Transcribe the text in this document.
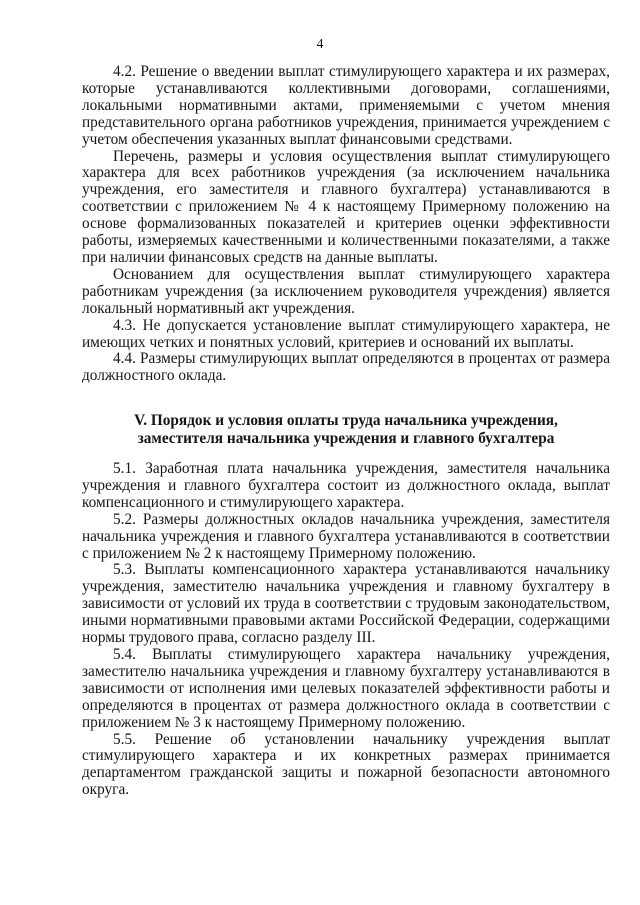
4

4.2. Решение о введении выплат стимулирующего характера и их размерах, которые устанавливаются коллективными договорами, соглашениями, локальными нормативными актами, применяемыми с учетом мнения представительного органа работников учреждения, принимается учреждением с учетом обеспечения указанных выплат финансовыми средствами.

Перечень, размеры и условия осуществления выплат стимулирующего характера для всех работников учреждения (за исключением начальника учреждения, его заместителя и главного бухгалтера) устанавливаются в соответствии с приложением № 4 к настоящему Примерному положению на основе формализованных показателей и критериев оценки эффективности работы, измеряемых качественными и количественными показателями, а также при наличии финансовых средств на данные выплаты.

Основанием для осуществления выплат стимулирующего характера работникам учреждения (за исключением руководителя учреждения) является локальный нормативный акт учреждения.

4.3. Не допускается установление выплат стимулирующего характера, не имеющих четких и понятных условий, критериев и оснований их выплаты.

4.4. Размеры стимулирующих выплат определяются в процентах от размера должностного оклада.

V. Порядок и условия оплаты труда начальника учреждения,
заместителя начальника учреждения и главного бухгалтера

5.1. Заработная плата начальника учреждения, заместителя начальника учреждения и главного бухгалтера состоит из должностного оклада, выплат компенсационного и стимулирующего характера.

5.2. Размеры должностных окладов начальника учреждения, заместителя начальника учреждения и главного бухгалтера устанавливаются в соответствии с приложением № 2 к настоящему Примерному положению.

5.3. Выплаты компенсационного характера устанавливаются начальнику учреждения, заместителю начальника учреждения и главному бухгалтеру в зависимости от условий их труда в соответствии с трудовым законодательством, иными нормативными правовыми актами Российской Федерации, содержащими нормы трудового права, согласно разделу III.

5.4. Выплаты стимулирующего характера начальнику учреждения, заместителю начальника учреждения и главному бухгалтеру устанавливаются в зависимости от исполнения ими целевых показателей эффективности работы и определяются в процентах от размера должностного оклада в соответствии с приложением № 3 к настоящему Примерному положению.

5.5. Решение об установлении начальнику учреждения выплат стимулирующего характера и их конкретных размерах принимается департаментом гражданской защиты и пожарной безопасности автономного округа.
